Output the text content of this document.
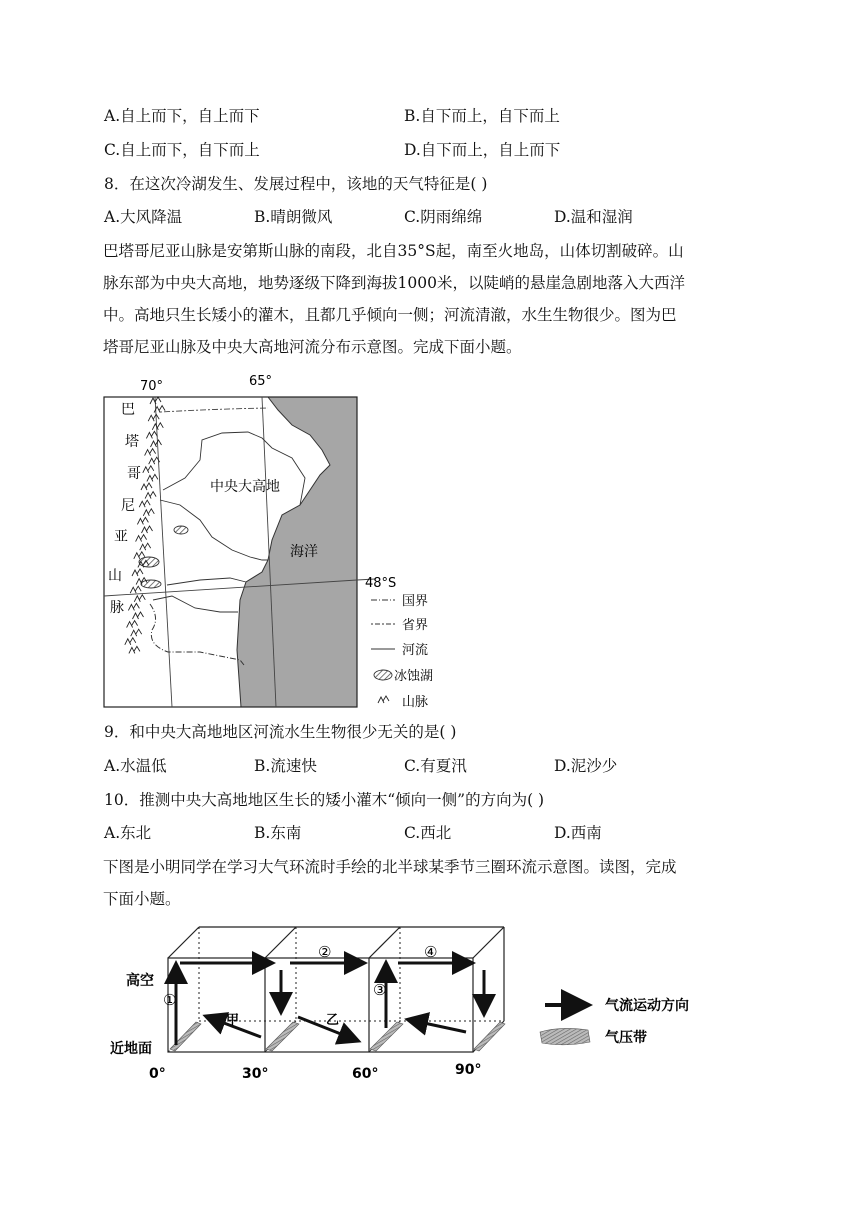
A.自上而下，自上而下	B.自下而上，自下而上
C.自上而下，自下而上	D.自下而上，自上而下
8．在这次冷湖发生、发展过程中，该地的天气特征是( )
A.大风降温	B.晴朗微风	C.阴雨绵绵	D.温和湿润
巴塔哥尼亚山脉是安第斯山脉的南段，北自35°S起，南至火地岛，山体切割破碎。山
脉东部为中央大高地，地势逐级下降到海拔1000米，以陡峭的悬崖急剧地落入大西洋
中。高地只生长矮小的灌木，且都几乎倾向一侧；河流清澈，水生生物很少。图为巴
塔哥尼亚山脉及中央大高地河流分布示意图。完成下面小题。
70°	65°
48°S
中央大高地
海洋
巴
塔
哥
尼
亚
山
脉	国界
省界
河流
冰蚀湖
山脉
9．和中央大高地地区河流水生生物很少无关的是( )
A.水温低	B.流速快	C.有夏汛	D.泥沙少
10．推测中央大高地地区生长的矮小灌木“倾向一侧”的方向为( )
A.东北	B.东南	C.西北	D.西南
下图是小明同学在学习大气环流时手绘的北半球某季节三圈环流示意图。读图，完成
下面小题。
①
②
③
④
甲	乙
高空
近地面
0°	30°	60°	90°
气流运动方向
气压带
